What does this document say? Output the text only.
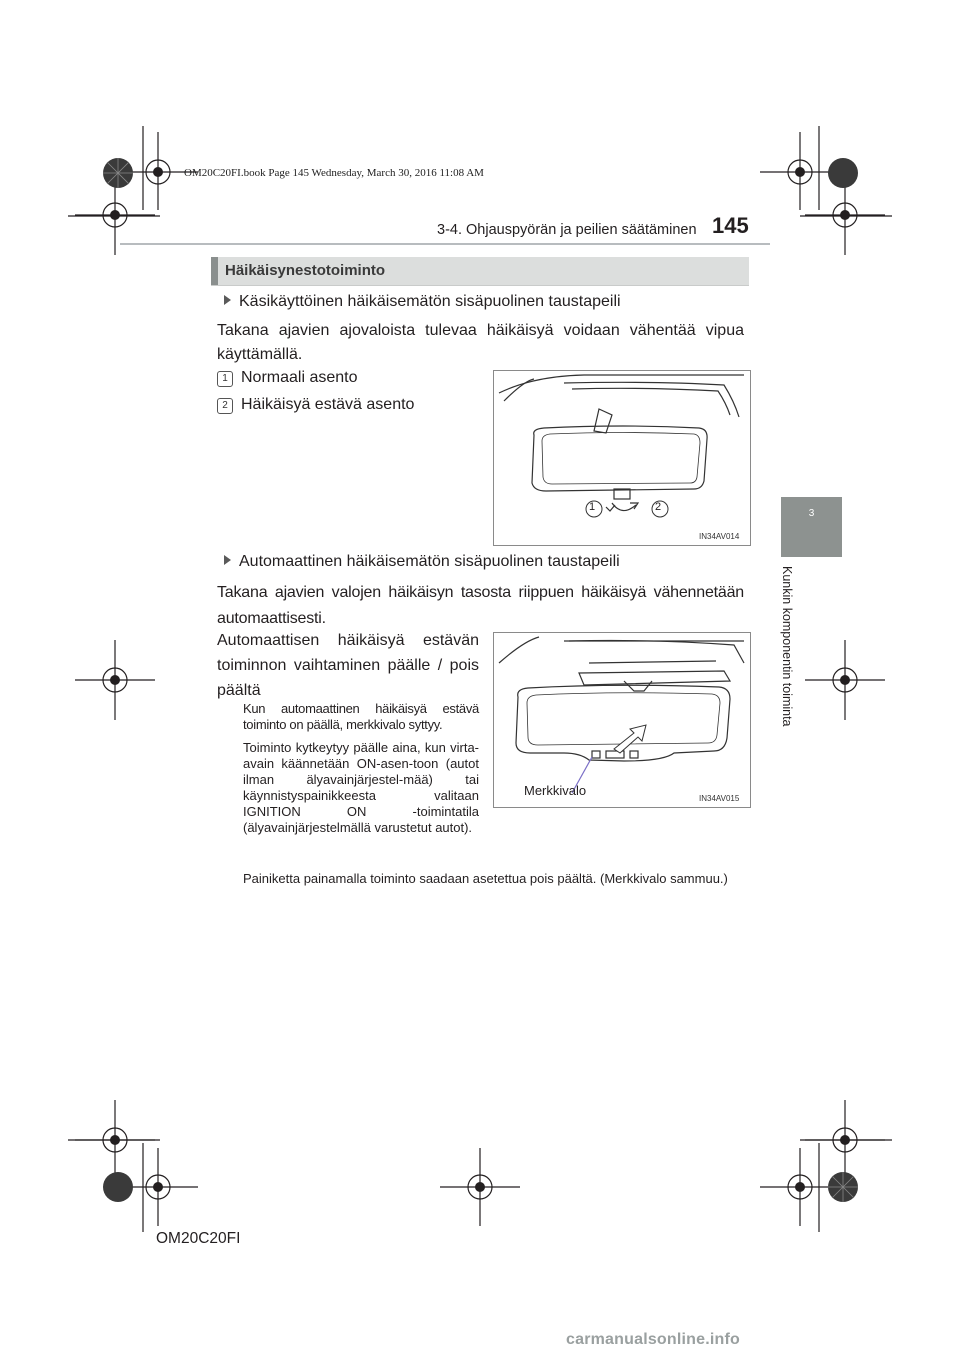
OM20C20FI.book Page 145 Wednesday, March 30, 2016 11:08 AM
3-4. Ohjauspyörän ja peilien säätäminen 145
3
Kunkin komponentin toiminta
Häikäisynestotoiminto
Käsikäyttöinen häikäisemätön sisäpuolinen taustapeili
Takana ajavien ajovaloista tulevaa häikäisyä voidaan vähentää vipua käyttämällä.
1 Normaali asento
2 Häikäisyä estävä asento
1	2
IN34AV014
Automaattinen häikäisemätön sisäpuolinen taustapeili
Takana ajavien valojen häikäisyn tasosta riippuen häikäisyä vähennetään automaattisesti.
Automaattisen häikäisyä estävän toiminnon vaihtaminen päälle / pois päältä
Kun automaattinen häikäisyä estävä toiminto on päällä, merkkivalo syttyy.
Toiminto kytkeytyy päälle aina, kun virta-avain käännetään ON-asen-toon (autot ilman älyavainjärjestel-mää) tai käynnistyspainikkeesta valitaan IGNITION ON -toimintatila (älyavainjärjestelmällä varustetut autot).
Painiketta painamalla toiminto saadaan asetettua pois päältä. (Merkkivalo sammuu.)
Merkkivalo
IN34AV015
OM20C20FI
carmanualsonline.info
